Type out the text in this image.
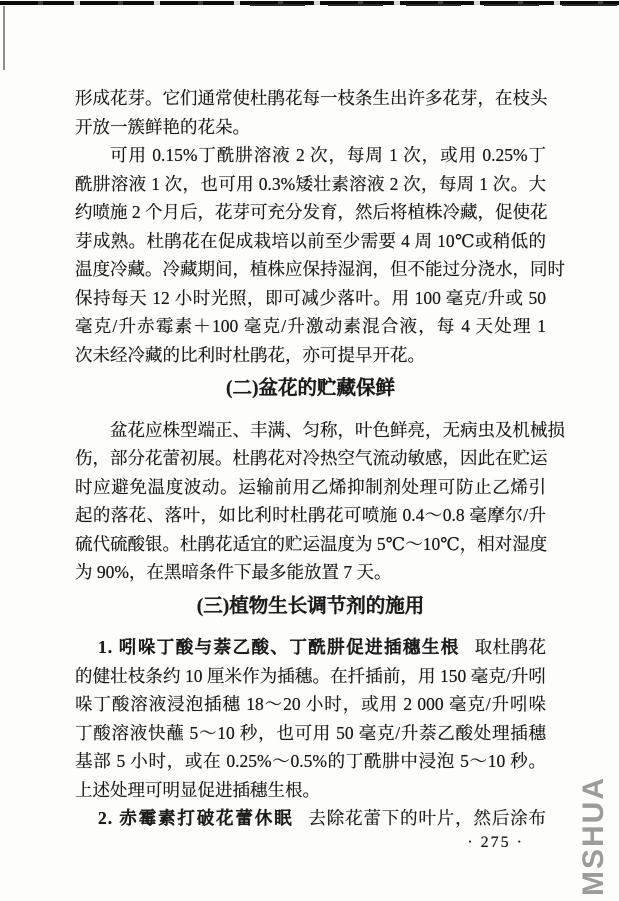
形成花芽。它们通常使杜鹃花每一枝条生出许多花芽，在枝头
开放一簇鲜艳的花朵。
可用 0.15%丁酰肼溶液 2 次，每周 1 次，或用 0.25%丁
酰肼溶液 1 次，也可用 0.3%矮壮素溶液 2 次，每周 1 次。大
约喷施 2 个月后，花芽可充分发育，然后将植株冷藏，促使花
芽成熟。杜鹃花在促成栽培以前至少需要 4 周 10℃或稍低的
温度冷藏。冷藏期间，植株应保持湿润，但不能过分浇水，同时
保持每天 12 小时光照，即可减少落叶。用 100 毫克/升或 50
毫克/升赤霉素＋100 毫克/升激动素混合液，每 4 天处理 1
次未经冷藏的比利时杜鹃花，亦可提早开花。
(二)盆花的贮藏保鲜
盆花应株型端正、丰满、匀称，叶色鲜亮，无病虫及机械损
伤，部分花蕾初展。杜鹃花对冷热空气流动敏感，因此在贮运
时应避免温度波动。运输前用乙烯抑制剂处理可防止乙烯引
起的落花、落叶，如比利时杜鹃花可喷施 0.4～0.8 毫摩尔/升
硫代硫酸银。杜鹃花适宜的贮运温度为 5℃～10℃，相对湿度
为 90%，在黑暗条件下最多能放置 7 天。
(三)植物生长调节剂的施用
1. 吲哚丁酸与萘乙酸、丁酰肼促进插穗生根 取杜鹃花
的健壮枝条约 10 厘米作为插穗。在扦插前，用 150 毫克/升吲
哚丁酸溶液浸泡插穗 18～20 小时，或用 2 000 毫克/升吲哚
丁酸溶液快蘸 5～10 秒，也可用 50 毫克/升萘乙酸处理插穗
基部 5 小时，或在 0.25%～0.5%的丁酰肼中浸泡 5～10 秒。
上述处理可明显促进插穗生根。
2. 赤霉素打破花蕾休眠 去除花蕾下的叶片，然后涂布
· 275 ·	MSHUA
